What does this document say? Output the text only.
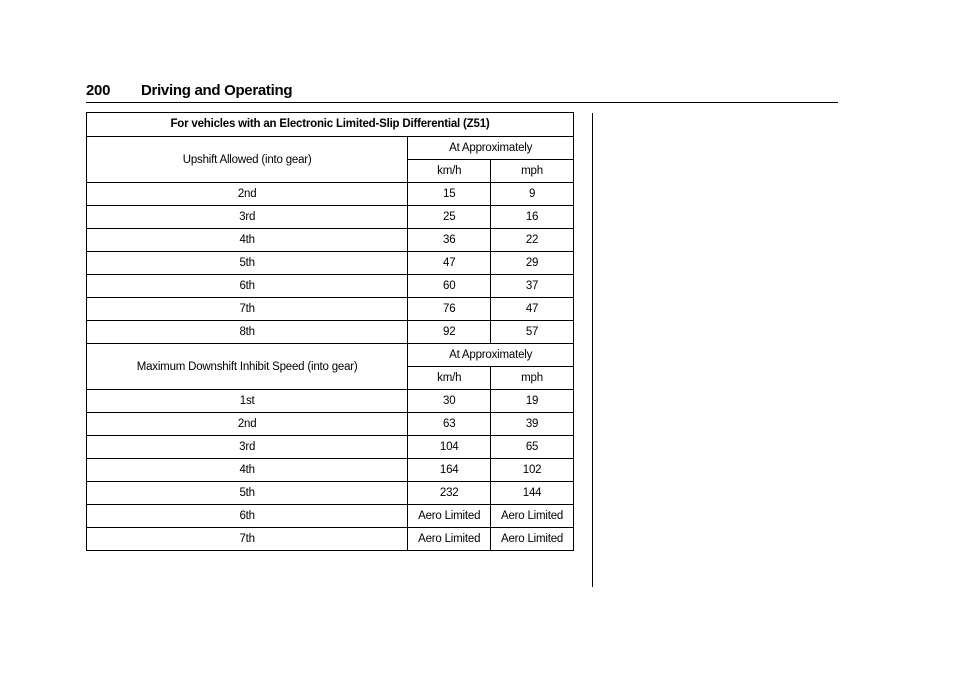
200 Driving and Operating
For vehicles with an Electronic Limited-Slip Differential (Z51)		
Upshift Allowed (into gear)	At Approximately	
	km/h	mph
2nd	15	9
3rd	25	16
4th	36	22
5th	47	29
6th	60	37
7th	76	47
8th	92	57
Maximum Downshift Inhibit Speed (into gear)	At Approximately	
	km/h	mph
1st	30	19
2nd	63	39
3rd	104	65
4th	164	102
5th	232	144
6th	Aero Limited	Aero Limited
7th	Aero Limited	Aero Limited
